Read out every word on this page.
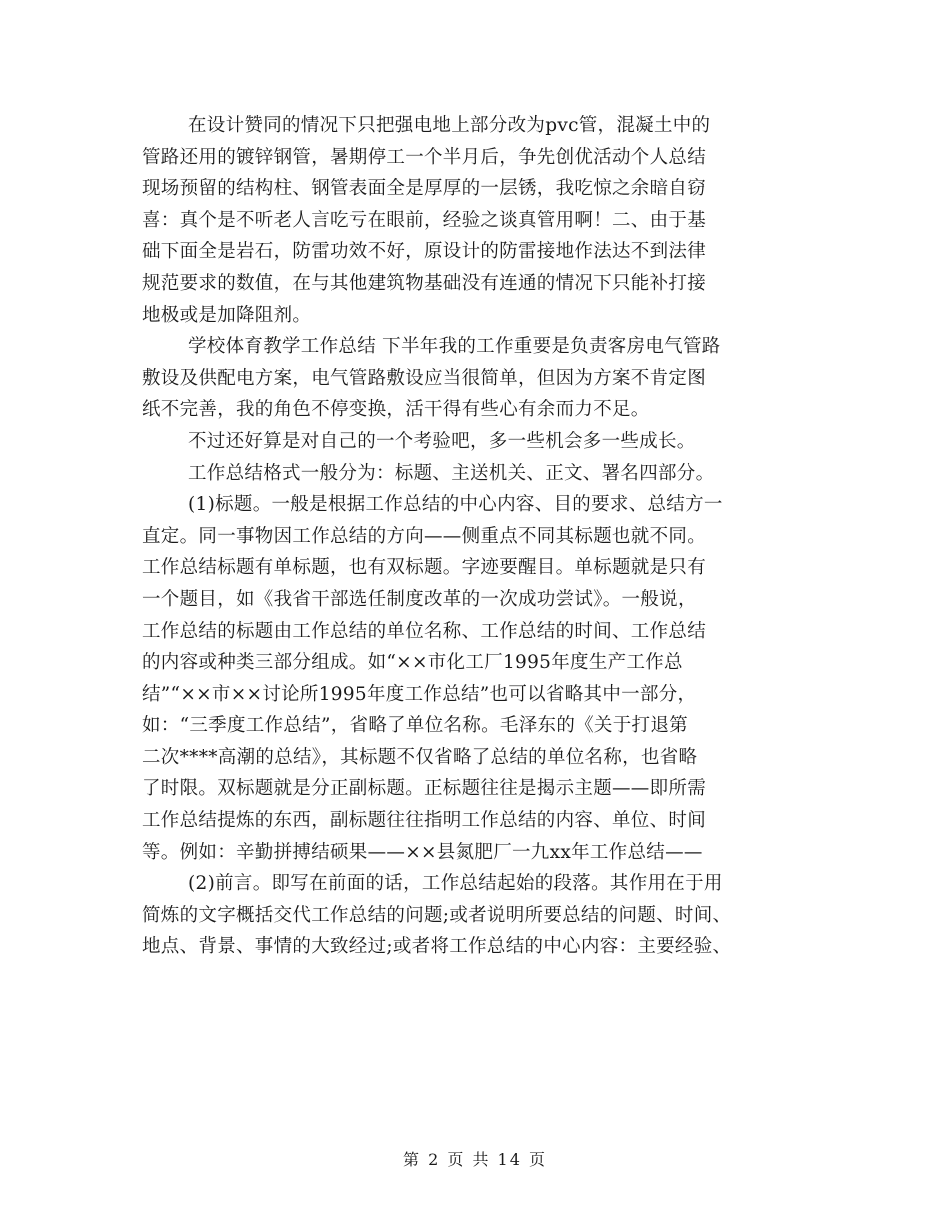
在设计赞同的情况下只把强电地上部分改为pvc管，混凝土中的
管路还用的镀锌钢管，暑期停工一个半月后，争先创优活动个人总结
现场预留的结构柱、钢管表面全是厚厚的一层锈，我吃惊之余暗自窃
喜：真个是不听老人言吃亏在眼前，经验之谈真管用啊！二、由于基
础下面全是岩石，防雷功效不好，原设计的防雷接地作法达不到法律
规范要求的数值，在与其他建筑物基础没有连通的情况下只能补打接
地极或是加降阻剂。
学校体育教学工作总结 下半年我的工作重要是负责客房电气管路
敷设及供配电方案，电气管路敷设应当很简单，但因为方案不肯定图
纸不完善，我的角色不停变换，活干得有些心有余而力不足。
不过还好算是对自己的一个考验吧，多一些机会多一些成长。
工作总结格式一般分为：标题、主送机关、正文、署名四部分。
(1)标题。一般是根据工作总结的中心内容、目的要求、总结方一
直定。同一事物因工作总结的方向——侧重点不同其标题也就不同。
工作总结标题有单标题，也有双标题。字迹要醒目。单标题就是只有
一个题目，如《我省干部选任制度改革的一次成功尝试》。一般说，
工作总结的标题由工作总结的单位名称、工作总结的时间、工作总结
的内容或种类三部分组成。如“××市化工厂1995年度生产工作总
结”“××市××讨论所1995年度工作总结”也可以省略其中一部分，
如：“三季度工作总结”，省略了单位名称。毛泽东的《关于打退第
二次****高潮的总结》，其标题不仅省略了总结的单位名称，也省略
了时限。双标题就是分正副标题。正标题往往是揭示主题——即所需
工作总结提炼的东西，副标题往往指明工作总结的内容、单位、时间
等。例如：辛勤拼搏结硕果——××县氮肥厂一九xx年工作总结——
(2)前言。即写在前面的话，工作总结起始的段落。其作用在于用
简炼的文字概括交代工作总结的问题;或者说明所要总结的问题、时间、
地点、背景、事情的大致经过;或者将工作总结的中心内容：主要经验、
第 2 页 共 14 页
